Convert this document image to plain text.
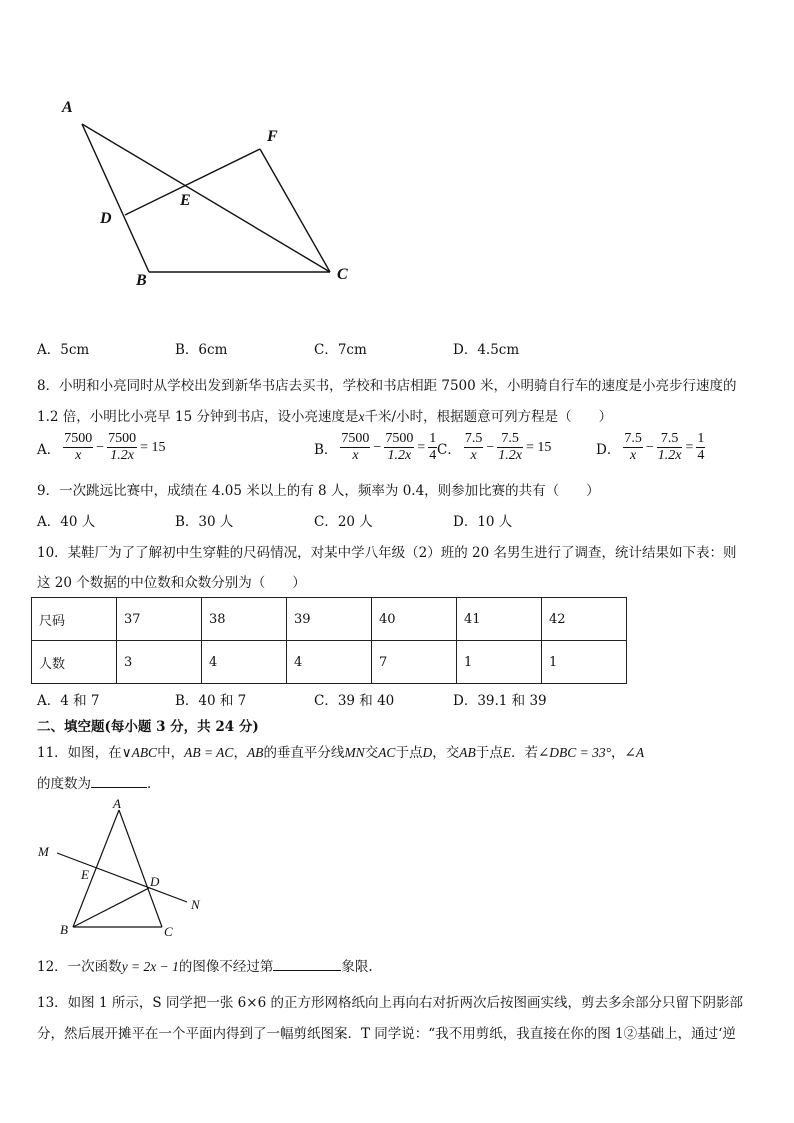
A
F
E
D
B	C
A．5cm	B．6cm	C．7cm	D．4.5cm
8．小明和小亮同时从学校出发到新华书店去买书，学校和书店相距 7500 米，小明骑自行车的速度是小亮步行速度的
1.2 倍，小明比小亮早 15 分钟到书店，设小亮速度是x千米/小时，根据题意可列方程是（　　）
A． $\frac{7500}{x} - \frac{7500}{1.2x} = 15$	B． $\frac{7500}{x} - \frac{7500}{1.2x} = \frac{1}{4}$ C． $\frac{7.5}{x} - \frac{7.5}{1.2x} = 15$	D． $\frac{7.5}{x} - \frac{7.5}{1.2x} = \frac{1}{4}$
9．一次跳远比赛中，成绩在 4.05 米以上的有 8 人，频率为 0.4，则参加比赛的共有（　　）
A．40 人	B．30 人	C．20 人	D．10 人
10．某鞋厂为了了解初中生穿鞋的尺码情况，对某中学八年级（2）班的 20 名男生进行了调查，统计结果如下表：则
这 20 个数据的中位数和众数分别为（　　）
尺码	37	38	39	40	41	42
人数	3	4	4	7	1	1
A．4 和 7	B．40 和 7	C．39 和 40	D．39.1 和 39
二、填空题(每小题 3 分，共 24 分)
11．如图，在∨ABC中，AB = AC，AB的垂直平分线MN交AC于点D，交AB于点E．若∠DBC = 33°，∠A
的度数为	．
A
M
E	D
N
B	C
12．一次函数y = 2x − 1的图像不经过第	象限.
13．如图 1 所示，S 同学把一张 6×6 的正方形网格纸向上再向右对折两次后按图画实线，剪去多余部分只留下阴影部
分，然后展开摊平在一个平面内得到了一幅剪纸图案．T 同学说：“我不用剪纸，我直接在你的图 1②基础上，通过‘逆
